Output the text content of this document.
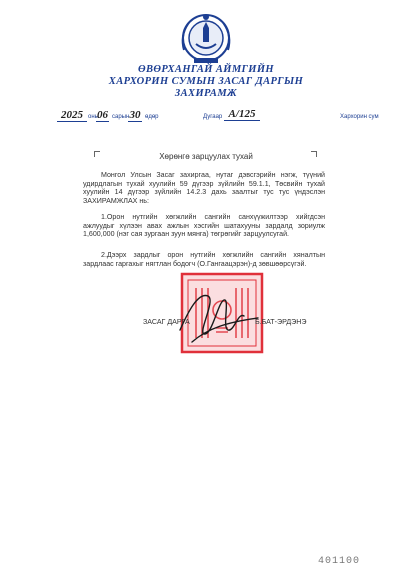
ӨВӨРХАНГАЙ АЙМГИЙН
ХАРХОРИН СУМЫН ЗАСАГ ДАРГЫН
ЗАХИРАМЖ
2025 оны
06 сарын 30 өдөр	Дугаар А/125	Хархорин сум
Хөрөнгө зарцуулах тухай
Монгол Улсын Засаг захиргаа, нутаг дэвсгэрийн нэгж, түүний удирдлагын тухай хуулийн 59 дүгээр зүйлийн 59.1.1, Төсвийн тухай хуулийн 14 дүгээр зүйлийн 14.2.3 дахь заалтыг тус тус үндэслэн ЗАХИРАМЖЛАХ нь:
1.Орон нутгийн хөгжлийн сангийн санхүүжилтээр хийгдсэн ажлуудыг хүлээн авах ажлын хэсгийн шатахууны зардалд зориулж 1,600,000 (нэг сая зургаан зуун мянга) төгрөгийг зарцуулсугай.
2.Дээрх зардлыг орон нутгийн хөгжлийн сангийн хяналтын зардлаас гаргахыг нягтлан бодогч (О.Гангаацэрэн)-д зөвшөөрсүгэй.
ЗАСАГ ДАРГА	Б.БАТ-ЭРДЭНЭ
401100
